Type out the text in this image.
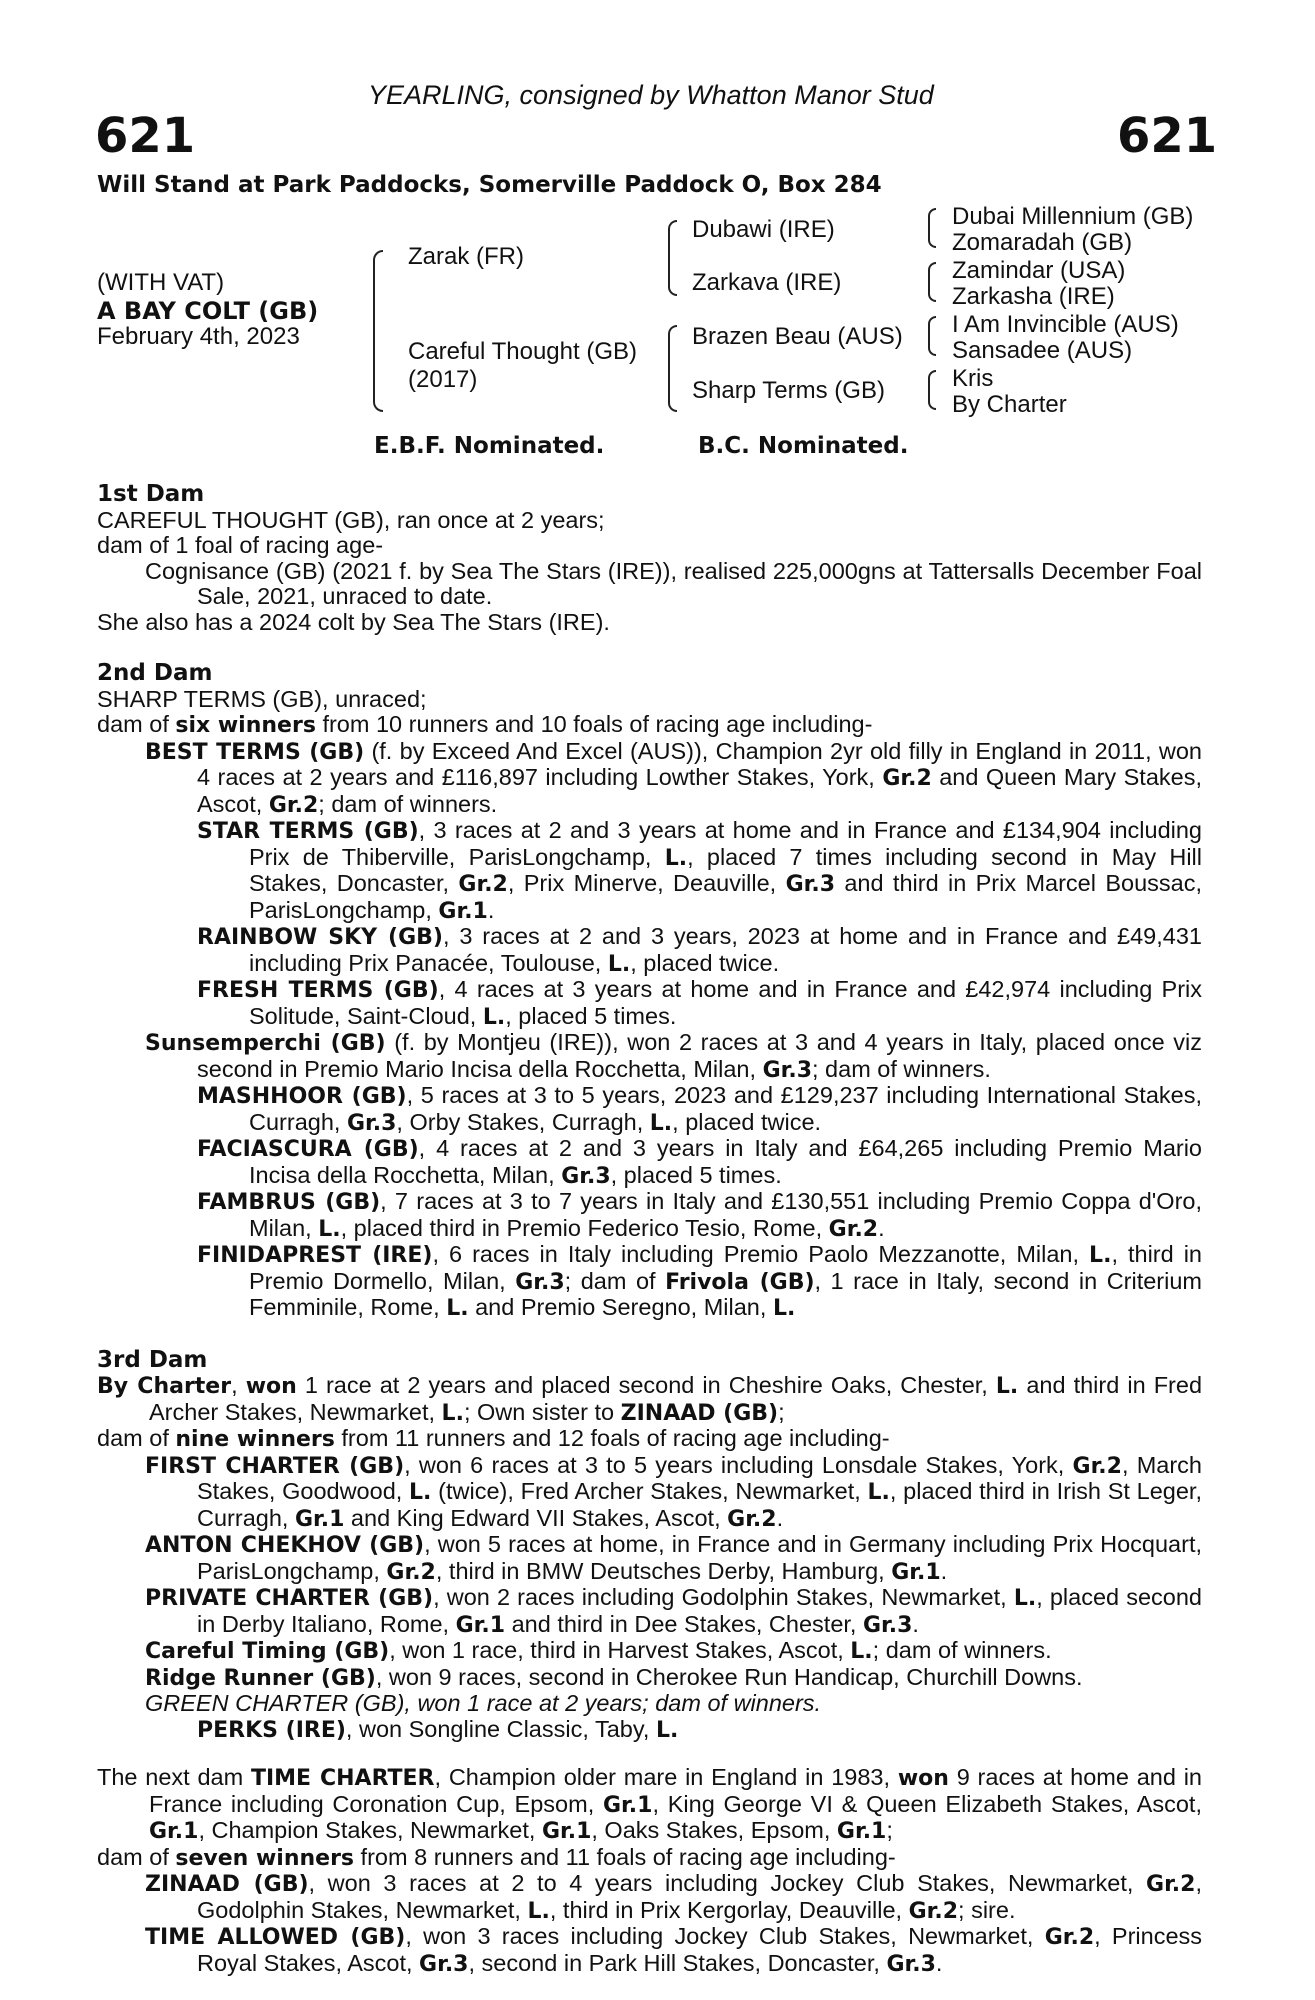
YEARLING, consigned by Whatton Manor Stud
621	621
Will Stand at Park Paddocks, Somerville Paddock O, Box 284
(WITH VAT)
A BAY COLT (GB)
February 4th, 2023
Zarak (FR)
Careful Thought (GB)
(2017)
Dubawi (IRE)
Zarkava (IRE)
Brazen Beau (AUS)
Sharp Terms (GB)
Dubai Millennium (GB)
Zomaradah (GB)
Zamindar (USA)
Zarkasha (IRE)
I Am Invincible (AUS)
Sansadee (AUS)
Kris
By Charter
E.B.F. Nominated.	B.C. Nominated.

1st Dam

CAREFUL THOUGHT (GB), ran once at 2 years;

dam of 1 foal of racing age-

Cognisance (GB) (2021 f. by Sea The Stars (IRE)), realised 225,000gns at Tattersalls December Foal Sale, 2021, unraced to date.

She also has a 2024 colt by Sea The Stars (IRE).

2nd Dam

SHARP TERMS (GB), unraced;

dam of six winners from 10 runners and 10 foals of racing age including-

BEST TERMS (GB) (f. by Exceed And Excel (AUS)), Champion 2yr old filly in England in 2011, won 4 races at 2 years and £116,897 including Lowther Stakes, York, Gr.2 and Queen Mary Stakes, Ascot, Gr.2; dam of winners.

STAR TERMS (GB), 3 races at 2 and 3 years at home and in France and £134,904 including Prix de Thiberville, ParisLongchamp, L., placed 7 times including second in May Hill Stakes, Doncaster, Gr.2, Prix Minerve, Deauville, Gr.3 and third in Prix Marcel Boussac, ParisLongchamp, Gr.1.

RAINBOW SKY (GB), 3 races at 2 and 3 years, 2023 at home and in France and £49,431 including Prix Panacée, Toulouse, L., placed twice.

FRESH TERMS (GB), 4 races at 3 years at home and in France and £42,974 including Prix Solitude, Saint-Cloud, L., placed 5 times.

Sunsemperchi (GB) (f. by Montjeu (IRE)), won 2 races at 3 and 4 years in Italy, placed once viz second in Premio Mario Incisa della Rocchetta, Milan, Gr.3; dam of winners.

MASHHOOR (GB), 5 races at 3 to 5 years, 2023 and £129,237 including International Stakes, Curragh, Gr.3, Orby Stakes, Curragh, L., placed twice.

FACIASCURA (GB), 4 races at 2 and 3 years in Italy and £64,265 including Premio Mario Incisa della Rocchetta, Milan, Gr.3, placed 5 times.

FAMBRUS (GB), 7 races at 3 to 7 years in Italy and £130,551 including Premio Coppa d'Oro, Milan, L., placed third in Premio Federico Tesio, Rome, Gr.2.

FINIDAPREST (IRE), 6 races in Italy including Premio Paolo Mezzanotte, Milan, L., third in Premio Dormello, Milan, Gr.3; dam of Frivola (GB), 1 race in Italy, second in Criterium Femminile, Rome, L. and Premio Seregno, Milan, L.

3rd Dam

By Charter, won 1 race at 2 years and placed second in Cheshire Oaks, Chester, L. and third in Fred Archer Stakes, Newmarket, L.; Own sister to ZINAAD (GB);

dam of nine winners from 11 runners and 12 foals of racing age including-

FIRST CHARTER (GB), won 6 races at 3 to 5 years including Lonsdale Stakes, York, Gr.2, March Stakes, Goodwood, L. (twice), Fred Archer Stakes, Newmarket, L., placed third in Irish St Leger, Curragh, Gr.1 and King Edward VII Stakes, Ascot, Gr.2.

ANTON CHEKHOV (GB), won 5 races at home, in France and in Germany including Prix Hocquart, ParisLongchamp, Gr.2, third in BMW Deutsches Derby, Hamburg, Gr.1.

PRIVATE CHARTER (GB), won 2 races including Godolphin Stakes, Newmarket, L., placed second in Derby Italiano, Rome, Gr.1 and third in Dee Stakes, Chester, Gr.3.

Careful Timing (GB), won 1 race, third in Harvest Stakes, Ascot, L.; dam of winners.

Ridge Runner (GB), won 9 races, second in Cherokee Run Handicap, Churchill Downs.

GREEN CHARTER (GB), won 1 race at 2 years; dam of winners.

PERKS (IRE), won Songline Classic, Taby, L.

The next dam TIME CHARTER, Champion older mare in England in 1983, won 9 races at home and in France including Coronation Cup, Epsom, Gr.1, King George VI & Queen Elizabeth Stakes, Ascot, Gr.1, Champion Stakes, Newmarket, Gr.1, Oaks Stakes, Epsom, Gr.1;

dam of seven winners from 8 runners and 11 foals of racing age including-

ZINAAD (GB), won 3 races at 2 to 4 years including Jockey Club Stakes, Newmarket, Gr.2, Godolphin Stakes, Newmarket, L., third in Prix Kergorlay, Deauville, Gr.2; sire.

TIME ALLOWED (GB), won 3 races including Jockey Club Stakes, Newmarket, Gr.2, Princess Royal Stakes, Ascot, Gr.3, second in Park Hill Stakes, Doncaster, Gr.3.
